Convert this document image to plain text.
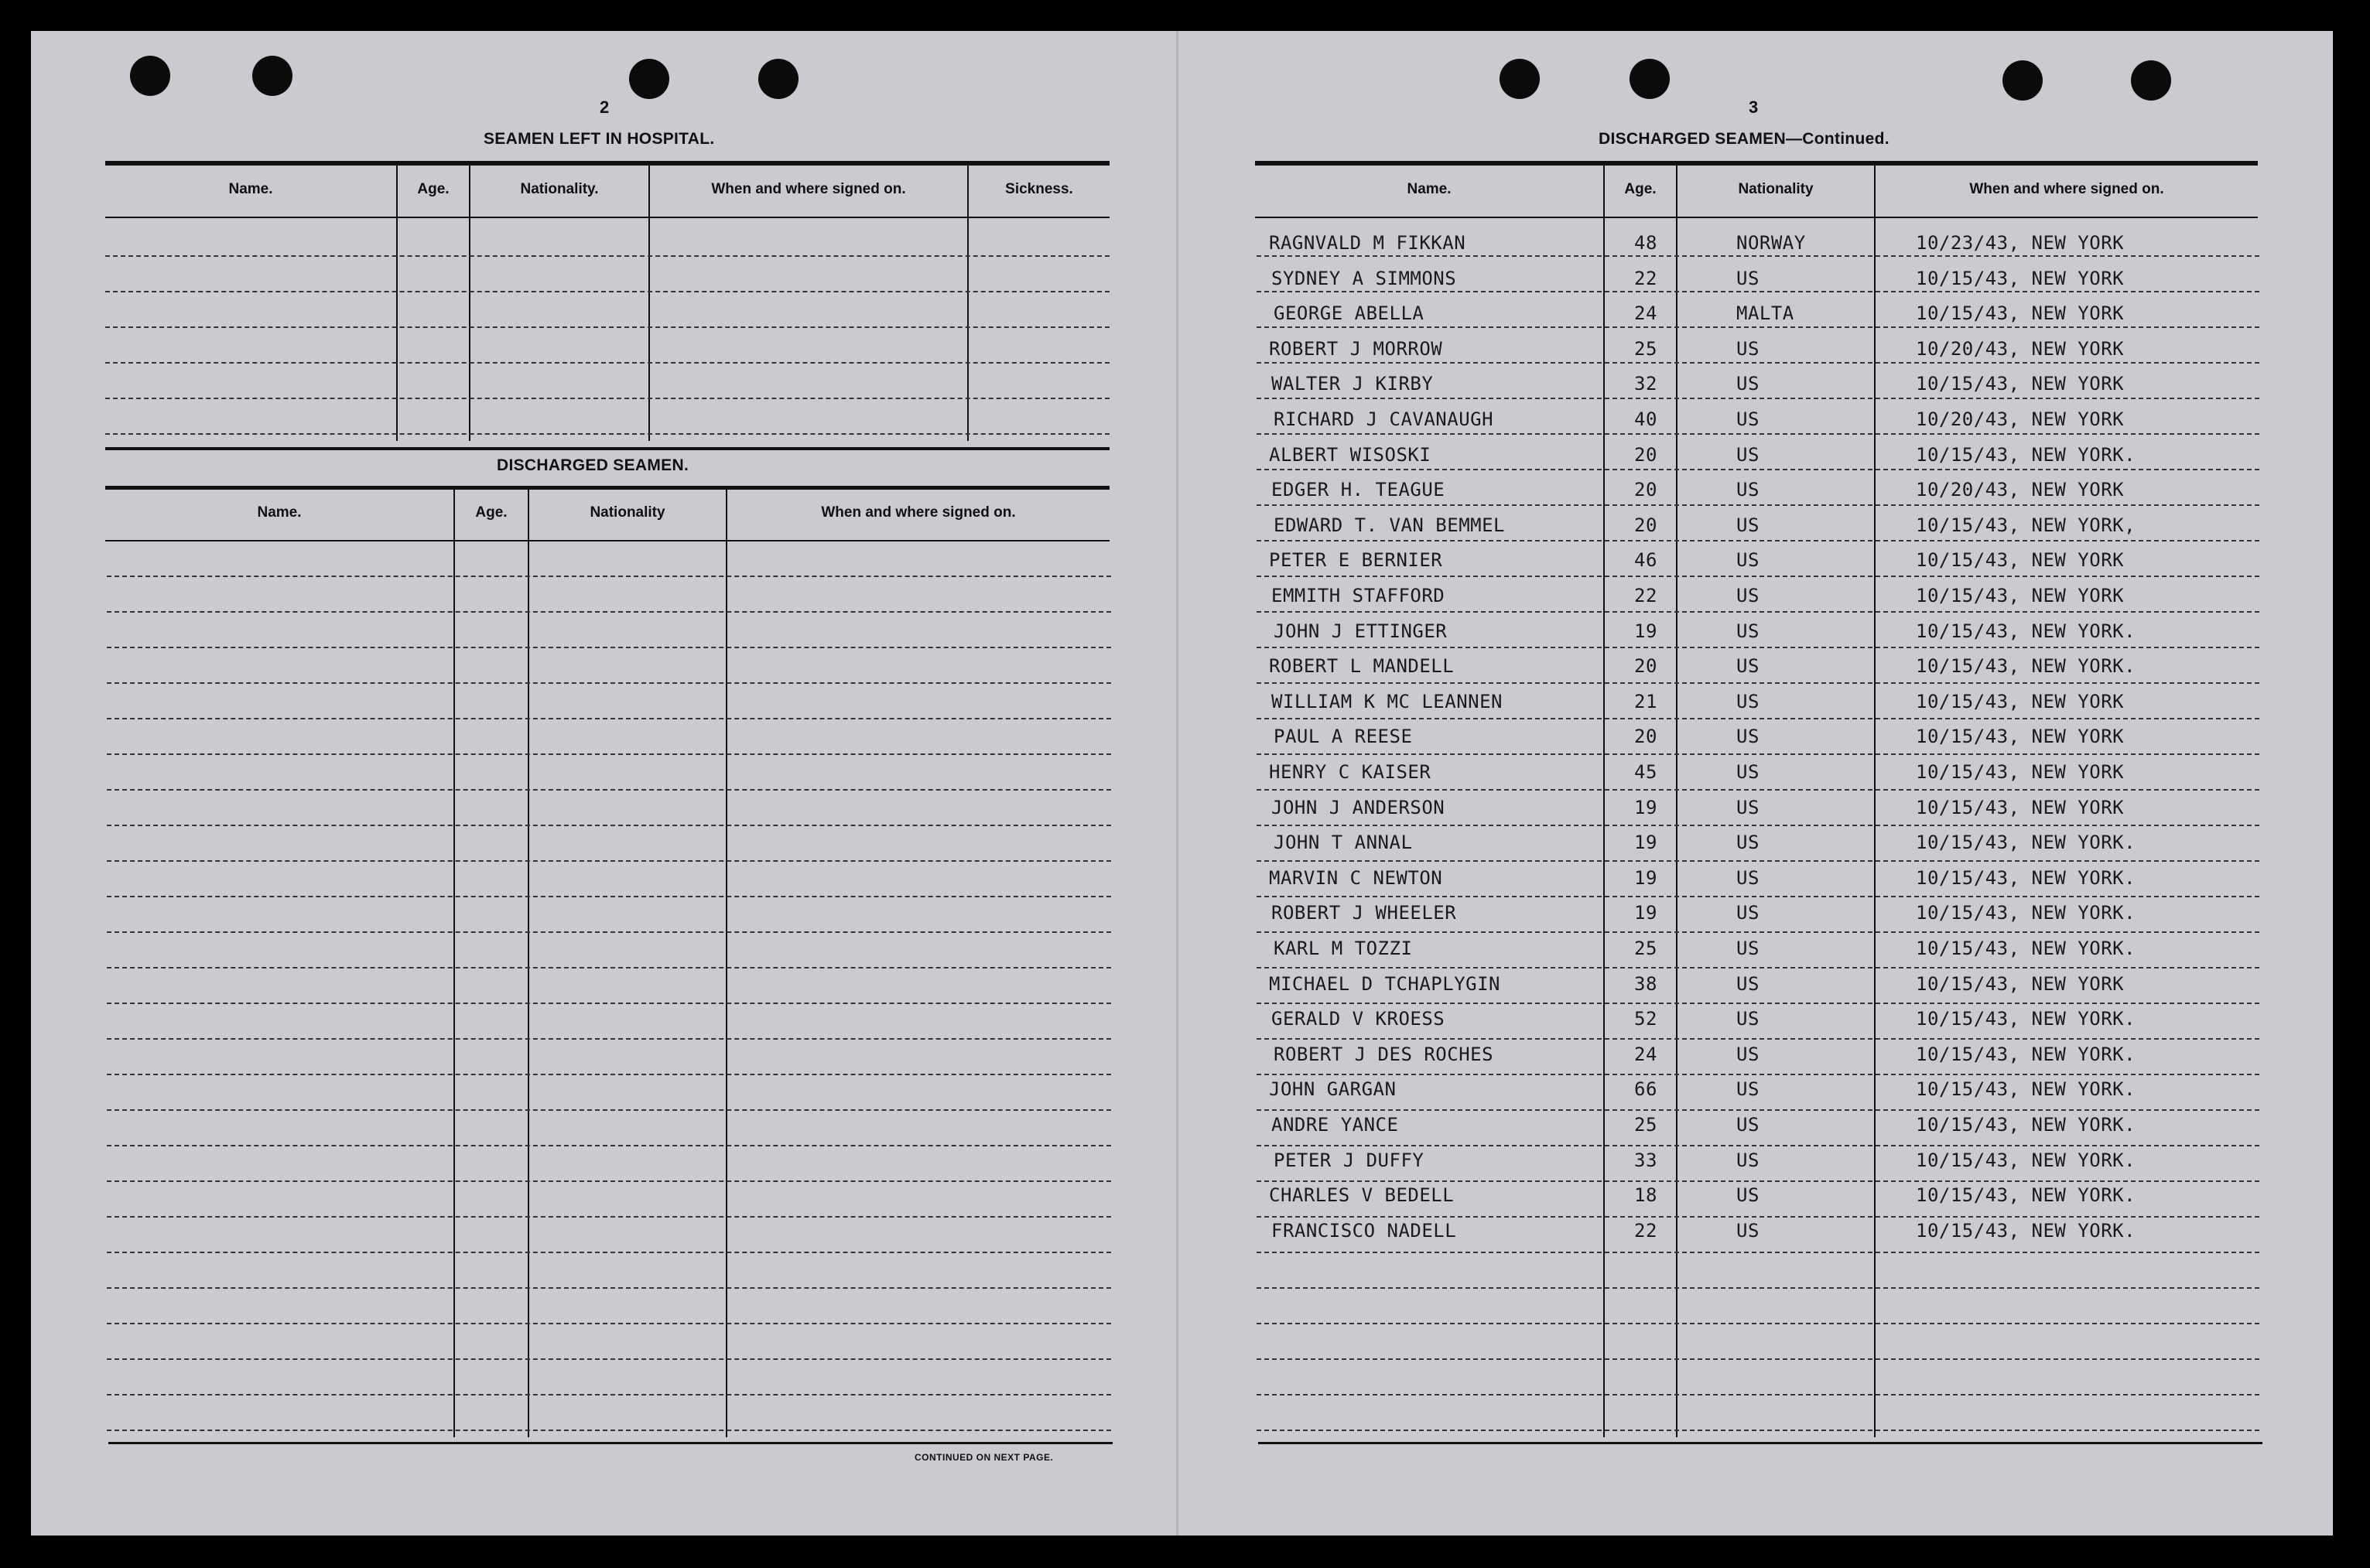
2
SEAMEN LEFT IN HOSPITAL.
Name.	Age.	Nationality.	When and where signed on.	Sickness.
DISCHARGED SEAMEN.
Name.	Age.	Nationality	When and where signed on.
CONTINUED ON NEXT PAGE.
3
DISCHARGED SEAMEN—Continued.
Name.	Age.	Nationality	When and where signed on.
RAGNVALD M FIKKAN	48	NORWAY	10/23/43, NEW YORK
SYDNEY A SIMMONS	22	US	10/15/43, NEW YORK
GEORGE ABELLA	24	MALTA	10/15/43, NEW YORK
ROBERT J MORROW	25	US	10/20/43, NEW YORK
WALTER J KIRBY	32	US	10/15/43, NEW YORK
RICHARD J CAVANAUGH	40	US	10/20/43, NEW YORK
ALBERT WISOSKI	20	US	10/15/43, NEW YORK.
EDGER H. TEAGUE	20	US	10/20/43, NEW YORK
EDWARD T. VAN BEMMEL	20	US	10/15/43, NEW YORK,
PETER E BERNIER	46	US	10/15/43, NEW YORK
EMMITH STAFFORD	22	US	10/15/43, NEW YORK
JOHN J ETTINGER	19	US	10/15/43, NEW YORK.
ROBERT L MANDELL	20	US	10/15/43, NEW YORK.
WILLIAM K MC LEANNEN	21	US	10/15/43, NEW YORK
PAUL A REESE	20	US	10/15/43, NEW YORK
HENRY C KAISER	45	US	10/15/43, NEW YORK
JOHN J ANDERSON	19	US	10/15/43, NEW YORK
JOHN T ANNAL	19	US	10/15/43, NEW YORK.
MARVIN C NEWTON	19	US	10/15/43, NEW YORK.
ROBERT J WHEELER	19	US	10/15/43, NEW YORK.
KARL M TOZZI	25	US	10/15/43, NEW YORK.
MICHAEL D TCHAPLYGIN	38	US	10/15/43, NEW YORK
GERALD V KROESS	52	US	10/15/43, NEW YORK.
ROBERT J DES ROCHES	24	US	10/15/43, NEW YORK.
JOHN GARGAN	66	US	10/15/43, NEW YORK.
ANDRE YANCE	25	US	10/15/43, NEW YORK.
PETER J DUFFY	33	US	10/15/43, NEW YORK.
CHARLES V BEDELL	18	US	10/15/43, NEW YORK.
FRANCISCO NADELL	22	US	10/15/43, NEW YORK.
